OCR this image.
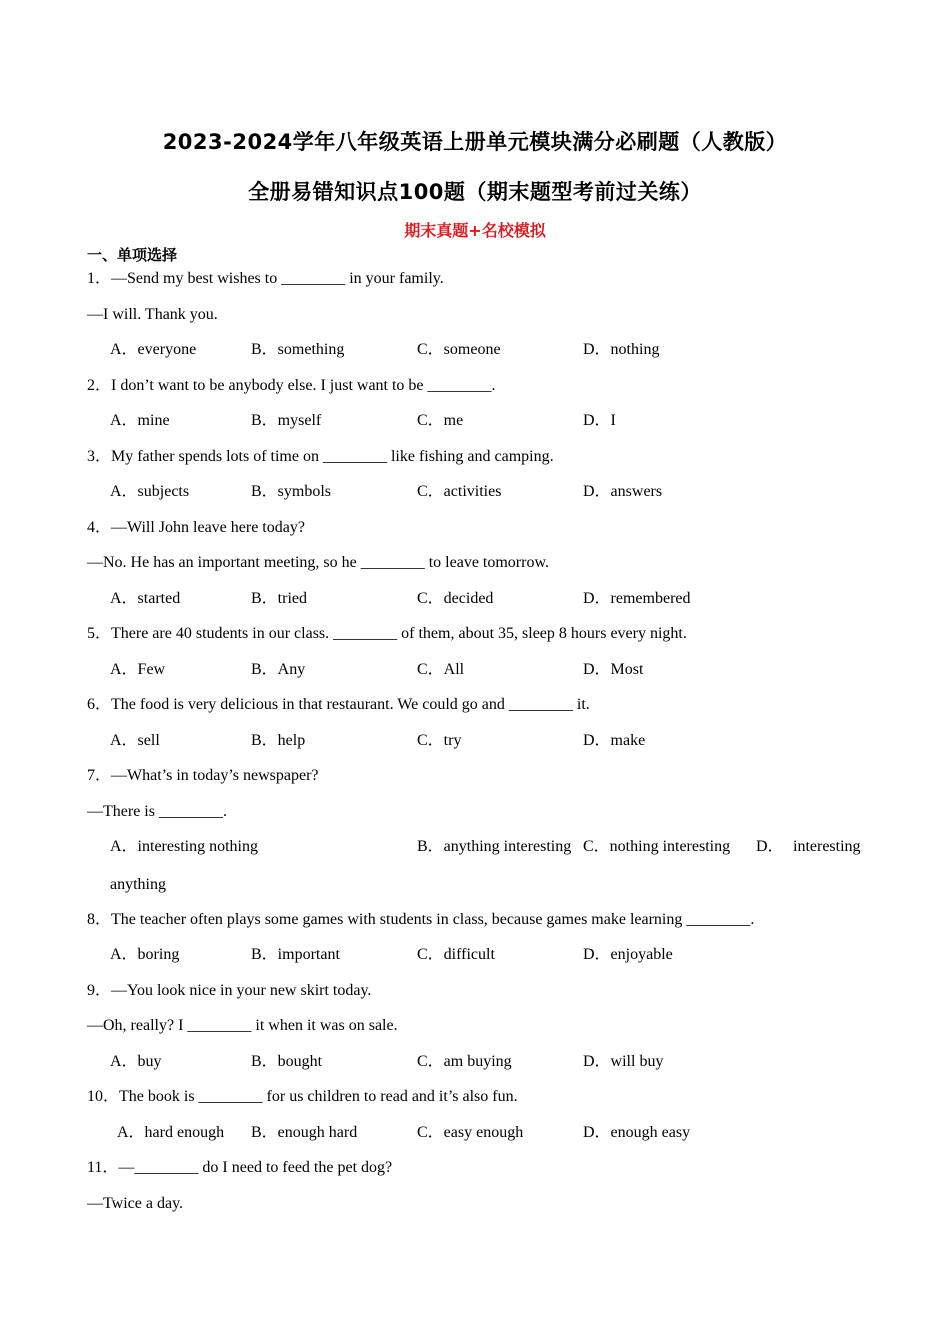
2023-2024学年八年级英语上册单元模块满分必刷题（人教版）
全册易错知识点100题（期末题型考前过关练）
期末真题+名校模拟
一、单项选择
1．—Send my best wishes to ________ in your family.
—I will. Thank you.
A．everyone	B．something	C．someone	D．nothing
2．I don’t want to be anybody else. I just want to be ________.
A．mine	B．myself	C．me	D．I
3．My father spends lots of time on ________ like fishing and camping.
A．subjects	B．symbols	C．activities	D．answers
4．—Will John leave here today?
—No. He has an important meeting, so he ________ to leave tomorrow.
A．started	B．tried	C．decided	D．remembered
5．There are 40 students in our class. ________ of them, about 35, sleep 8 hours every night.
A．Few	B．Any	C．All	D．Most
6．The food is very delicious in that restaurant. We could go and ________ it.
A．sell	B．help	C．try	D．make
7．—What’s in today’s newspaper?
—There is ________.
A．interesting nothing	B．anything interesting C．nothing interesting D． interesting
anything
8．The teacher often plays some games with students in class, because games make learning ________.
A．boring	B．important	C．difficult	D．enjoyable
9．—You look nice in your new skirt today.
—Oh, really? I ________ it when it was on sale.
A．buy	B．bought	C．am buying	D．will buy
10．The book is ________ for us children to read and it’s also fun.
A．hard enough B．enough hard	C．easy enough	D．enough easy
11．—________ do I need to feed the pet dog?
—Twice a day.
